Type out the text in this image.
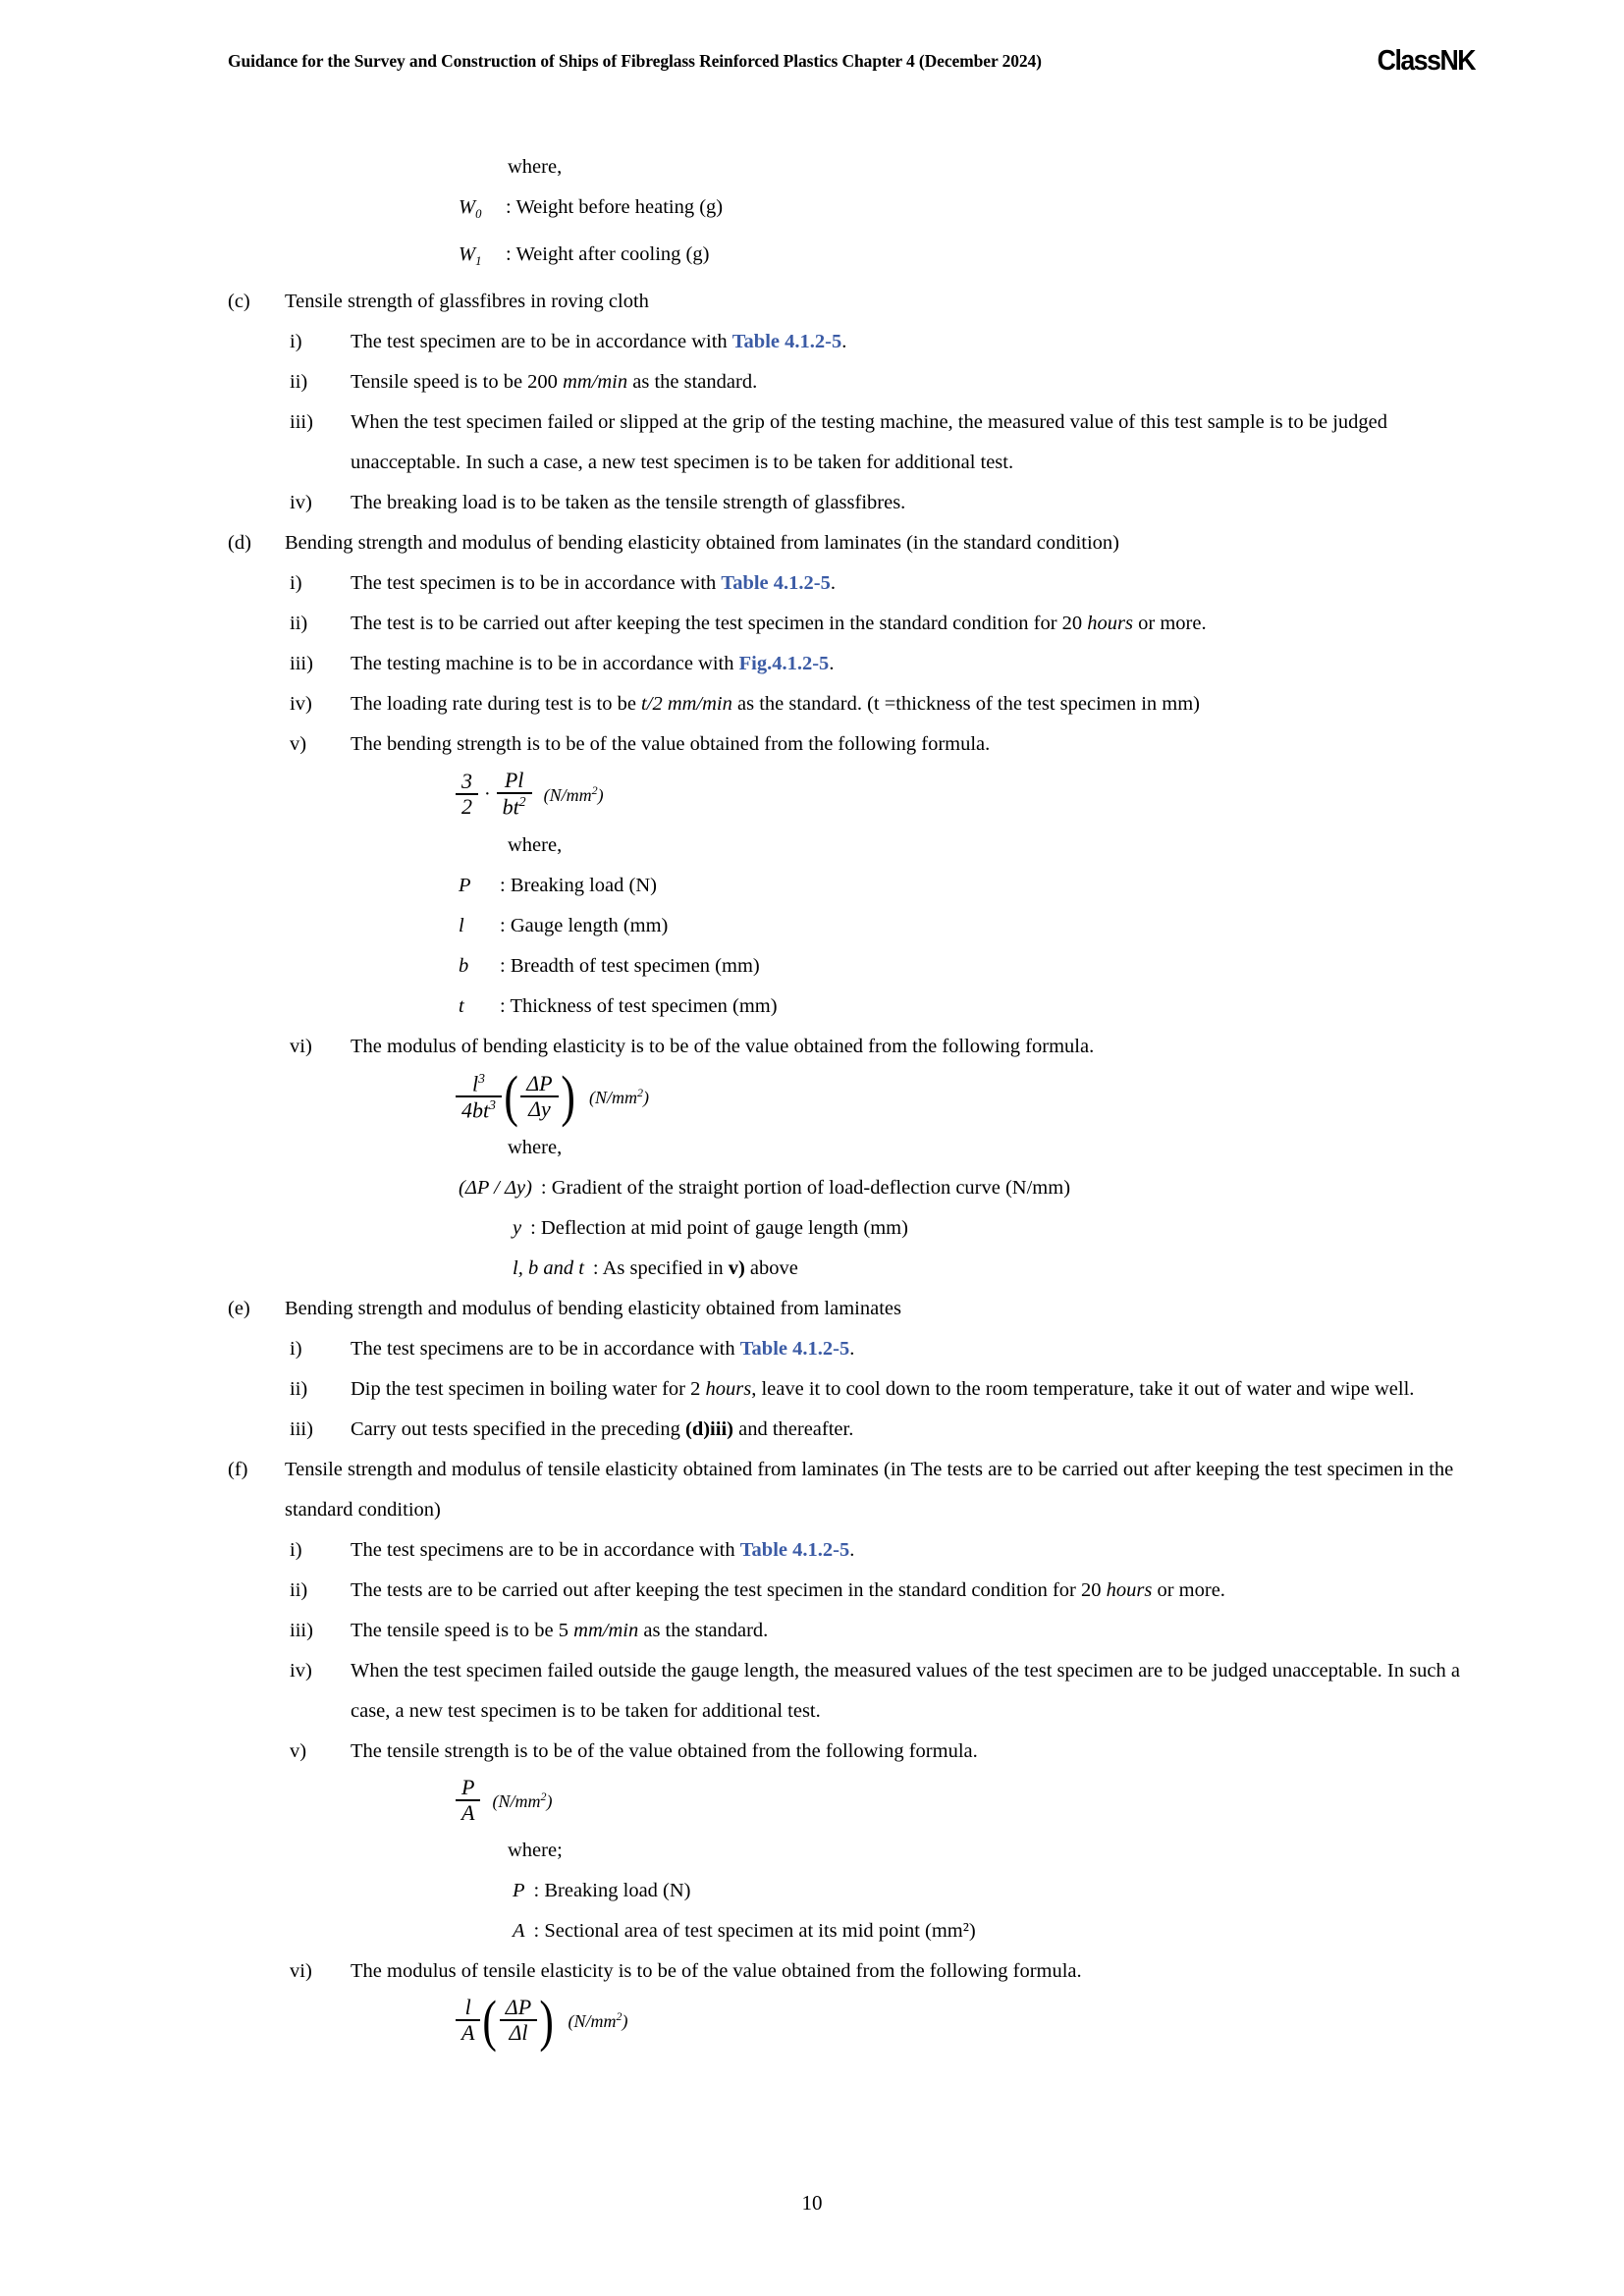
Guidance for the Survey and Construction of Ships of Fibreglass Reinforced Plastics Chapter 4 (December 2024)	ClassNK
where,
$W_0$	: Weight before heating (g)
$W_1$	: Weight after cooling (g)
(c)	Tensile strength of glassfibres in roving cloth
i)	The test specimen are to be in accordance with Table 4.1.2-5.
ii)	Tensile speed is to be 200 mm/min as the standard.
iii)	When the test specimen failed or slipped at the grip of the testing machine, the measured value of this test sample is to be judged unacceptable. In such a case, a new test specimen is to be taken for additional test.
iv)	The breaking load is to be taken as the tensile strength of glassfibres.
(d)	Bending strength and modulus of bending elasticity obtained from laminates (in the standard condition)
i)	The test specimen is to be in accordance with Table 4.1.2-5.
ii)	The test is to be carried out after keeping the test specimen in the standard condition for 20 hours or more.
iii)	The testing machine is to be in accordance with Fig.4.1.2-5.
iv)	The loading rate during test is to be t/2 mm/min as the standard. (t =thickness of the test specimen in mm)
v)	The bending strength is to be of the value obtained from the following formula.
$\frac{3}{2} \cdot \frac{Pl}{bt^2} (N/mm^2)$
where,
P	: Breaking load (N)
l	: Gauge length (mm)
b	: Breadth of test specimen (mm)
t	: Thickness of test specimen (mm)
vi)	The modulus of bending elasticity is to be of the value obtained from the following formula.
$\frac{l^3}{4bt^3}$ ( $\frac{\Delta P}{\Delta y}$ ) $(N/mm^2)$
where,
(ΔP / Δy) : Gradient of the straight portion of load-deflection curve (N/mm)
y : Deflection at mid point of gauge length (mm)
l, b and t : As specified in v) above
(e)	Bending strength and modulus of bending elasticity obtained from laminates
i)	The test specimens are to be in accordance with Table 4.1.2-5.
ii)	Dip the test specimen in boiling water for 2 hours, leave it to cool down to the room temperature, take it out of water and wipe well.
iii)	Carry out tests specified in the preceding (d)iii) and thereafter.
(f)	Tensile strength and modulus of tensile elasticity obtained from laminates (in The tests are to be carried out after keeping the test specimen in the standard condition)
i)	The test specimens are to be in accordance with Table 4.1.2-5.
ii)	The tests are to be carried out after keeping the test specimen in the standard condition for 20 hours or more.
iii)	The tensile speed is to be 5 mm/min as the standard.
iv)	When the test specimen failed outside the gauge length, the measured values of the test specimen are to be judged unacceptable. In such a case, a new test specimen is to be taken for additional test.
v)	The tensile strength is to be of the value obtained from the following formula.
$\frac{P}{A} (N/mm^2)$
where;
P : Breaking load (N)
A : Sectional area of test specimen at its mid point (mm²)
vi)	The modulus of tensile elasticity is to be of the value obtained from the following formula.
$\frac{l}{A}$ ( $\frac{\Delta P}{\Delta l}$ ) $(N/mm^2)$
10
